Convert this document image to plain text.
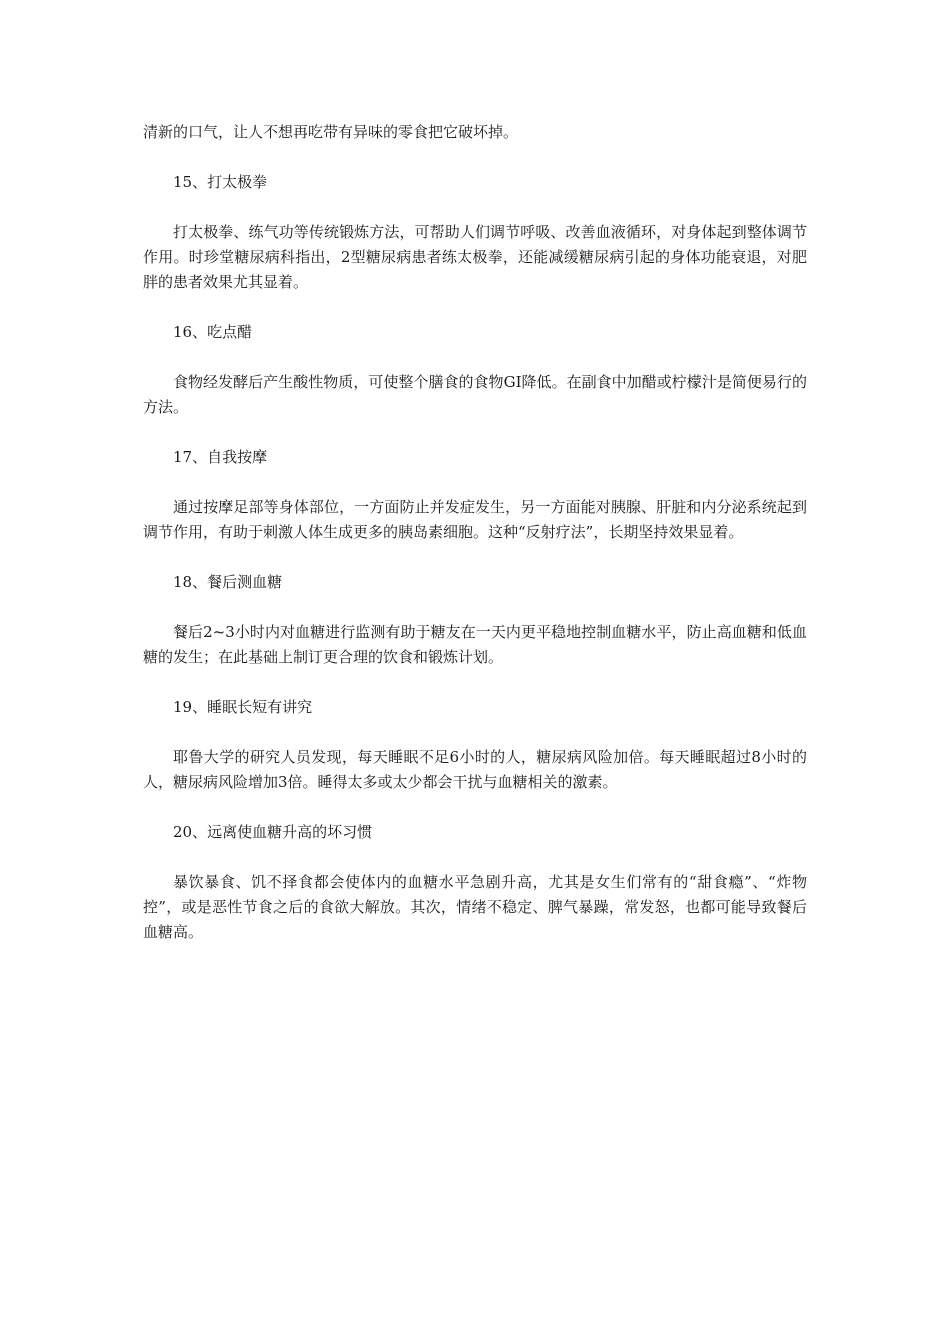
清新的口气，让人不想再吃带有异味的零食把它破坏掉。

15、打太极拳

打太极拳、练气功等传统锻炼方法，可帮助人们调节呼吸、改善血液循环，对身体起到整体调节作用。时珍堂糖尿病科指出，2型糖尿病患者练太极拳，还能减缓糖尿病引起的身体功能衰退，对肥胖的患者效果尤其显着。

16、吃点醋

食物经发酵后产生酸性物质，可使整个膳食的食物GI降低。在副食中加醋或柠檬汁是简便易行的方法。

17、自我按摩

通过按摩足部等身体部位，一方面防止并发症发生，另一方面能对胰腺、肝脏和内分泌系统起到调节作用，有助于刺激人体生成更多的胰岛素细胞。这种“反射疗法”，长期坚持效果显着。

18、餐后测血糖

餐后2~3小时内对血糖进行监测有助于糖友在一天内更平稳地控制血糖水平，防止高血糖和低血糖的发生；在此基础上制订更合理的饮食和锻炼计划。

19、睡眠长短有讲究

耶鲁大学的研究人员发现，每天睡眠不足6小时的人，糖尿病风险加倍。每天睡眠超过8小时的人，糖尿病风险增加3倍。睡得太多或太少都会干扰与血糖相关的激素。

20、远离使血糖升高的坏习惯

暴饮暴食、饥不择食都会使体内的血糖水平急剧升高，尤其是女生们常有的“甜食瘾”、“炸物控”，或是恶性节食之后的食欲大解放。其次，情绪不稳定、脾气暴躁，常发怒，也都可能导致餐后血糖高。
